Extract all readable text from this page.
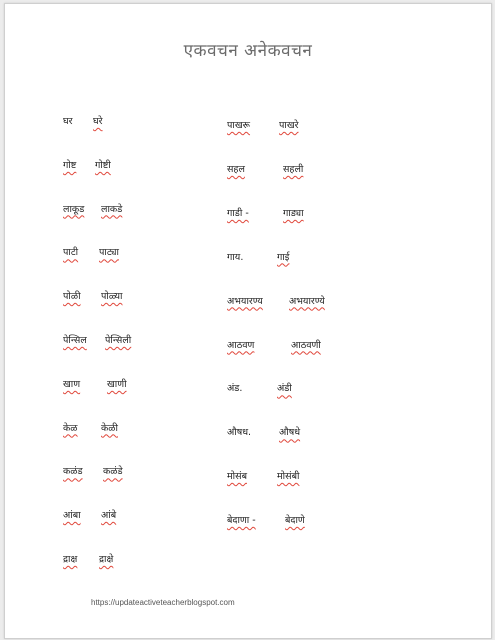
एकवचन अनेकवचन
घर घरे
गोष्ट गोष्टी
लाकूड लाकडे
पाटी पाट्या
पोळी पोळ्या
पेन्सिल पेन्सिली
खाण	खाणी
केळ केळी
कळंड कळंडे
आंबा आंबे
द्राक्ष द्राक्षे
पाखरू	पाखरे
सहल	सहली
गाडी -	गाड्या
गाय.	गाई
अभयारण्य	अभयारण्ये
आठवण	आठवणी
अंड.	अंडी
औषध.	औषधे
मोसंब	मोसंबी
बेदाणा -	बेदाणे
https://updateactiveteacherblogspot.com
